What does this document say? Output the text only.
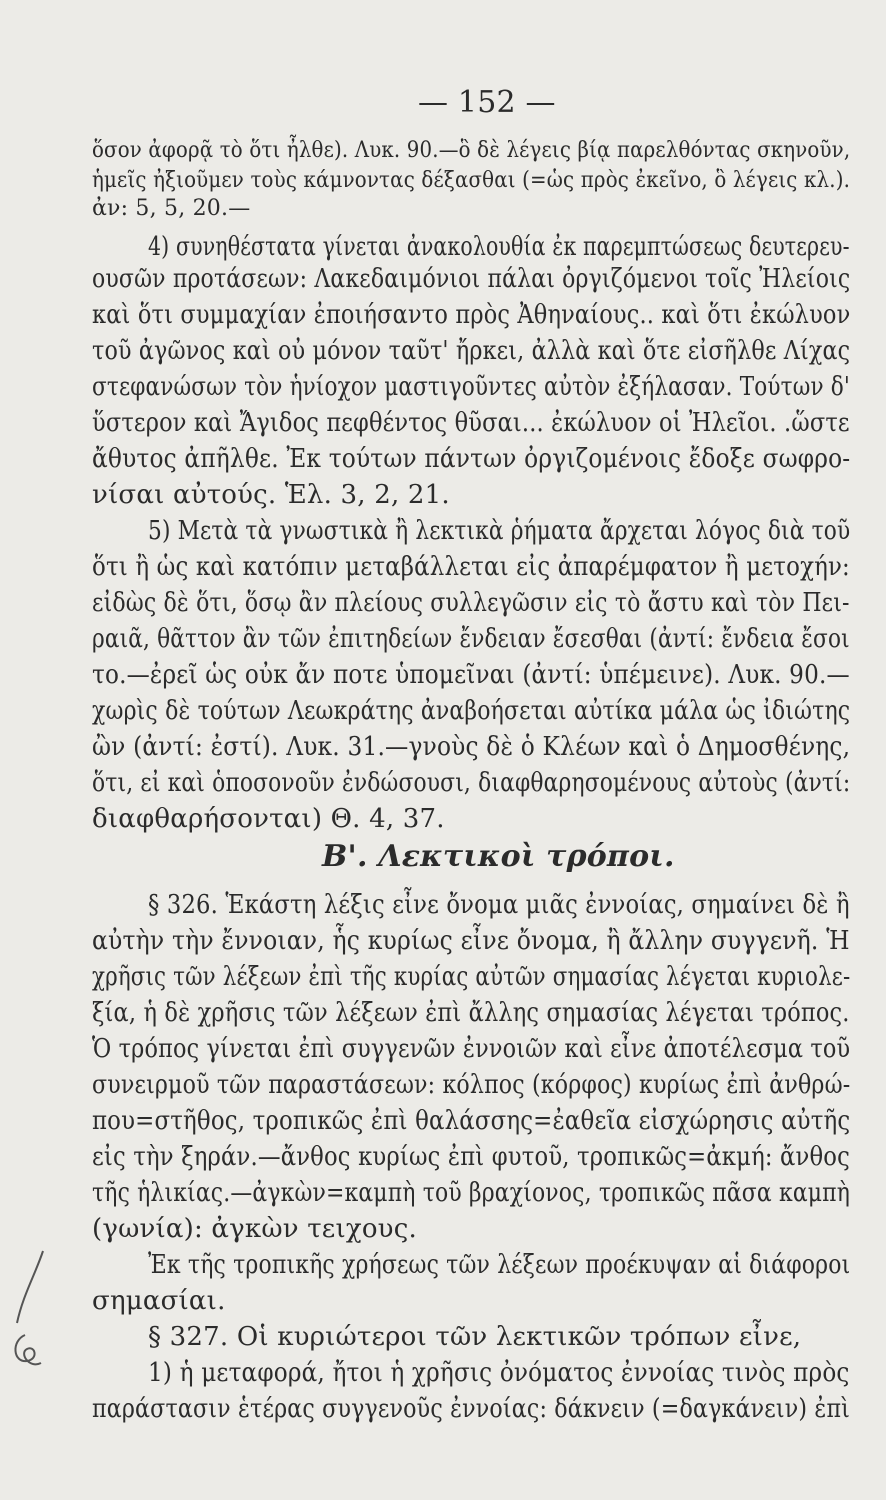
— 152 —
ὅσον ἀφορᾷ τὸ ὅτι ἦλθε). Λυκ. 90.—ὃ δὲ λέγεις βίᾳ παρελθόντας σκηνοῦν,
ἡμεῖς ἠξιοῦμεν τοὺς κάμνοντας δέξασθαι (=ὡς πρὸς ἐκεῖνο, ὃ λέγεις κλ.).
ἀν: 5, 5, 20.—
4) συνηθέστατα γίνεται ἀνακολουθία ἐκ παρεμπτώσεως δευτερευ-
ουσῶν προτάσεων: Λακεδαιμόνιοι πάλαι ὀργιζόμενοι τοῖς Ἠλείοις
καὶ ὅτι συμμαχίαν ἐποιήσαντο πρὸς Ἀθηναίους.. καὶ ὅτι ἐκώλυον
τοῦ ἀγῶνος καὶ οὐ μόνον ταῦτ' ἤρκει, ἀλλὰ καὶ ὅτε εἰσῆλθε Λίχας
στεφανώσων τὸν ἡνίοχον μαστιγοῦντες αὐτὸν ἐξήλασαν. Τούτων δ'
ὕστερον καὶ Ἄγιδος πεφθέντος θῦσαι... ἐκώλυον οἱ Ἠλεῖοι. .ὥστε
ἄθυτος ἀπῆλθε. Ἐκ τούτων πάντων ὀργιζομένοις ἔδοξε σωφρο-
νίσαι αὐτούς. Ἑλ. 3, 2, 21.
5) Μετὰ τὰ γνωστικὰ ἢ λεκτικὰ ῥήματα ἄρχεται λόγος διὰ τοῦ
ὅτι ἢ ὡς καὶ κατόπιν μεταβάλλεται εἰς ἀπαρέμφατον ἢ μετοχήν:
εἰδὼς δὲ ὅτι, ὅσῳ ἂν πλείους συλλεγῶσιν εἰς τὸ ἄστυ καὶ τὸν Πει-
ραιᾶ, θᾶττον ἂν τῶν ἐπιτηδείων ἔνδειαν ἔσεσθαι (ἀντί: ἔνδεια ἔσοι
το.—ἐρεῖ ὡς οὐκ ἄν ποτε ὑπομεῖναι (ἀντί: ὑπέμεινε). Λυκ. 90.—
χωρὶς δὲ τούτων Λεωκράτης ἀναβοήσεται αὐτίκα μάλα ὡς ἰδιώτης
ὢν (ἀντί: ἐστί). Λυκ. 31.—γνοὺς δὲ ὁ Κλέων καὶ ὁ Δημοσθένης,
ὅτι, εἰ καὶ ὁποσονοῦν ἐνδώσουσι, διαφθαρησομένους αὐτοὺς (ἀντί:
διαφθαρήσονται) Θ. 4, 37.
Β'. Λεκτικοὶ τρόποι.
§ 326. Ἑκάστη λέξις εἶνε ὄνομα μιᾶς ἐννοίας, σημαίνει δὲ ἢ
αὐτὴν τὴν ἔννοιαν, ἧς κυρίως εἶνε ὄνομα, ἢ ἄλλην συγγενῆ. Ἡ
χρῆσις τῶν λέξεων ἐπὶ τῆς κυρίας αὐτῶν σημασίας λέγεται κυριολε-
ξία, ἡ δὲ χρῆσις τῶν λέξεων ἐπὶ ἄλλης σημασίας λέγεται τρόπος.
Ὁ τρόπος γίνεται ἐπὶ συγγενῶν ἐννοιῶν καὶ εἶνε ἀποτέλεσμα τοῦ
συνειρμοῦ τῶν παραστάσεων: κόλπος (κόρφος) κυρίως ἐπὶ ἀνθρώ-
που=στῆθος, τροπικῶς ἐπὶ θαλάσσης=ἐαθεῖα εἰσχώρησις αὐτῆς
εἰς τὴν ξηράν.—ἄνθος κυρίως ἐπὶ φυτοῦ, τροπικῶς=ἀκμή: ἄνθος
τῆς ἡλικίας.—ἀγκὼν=καμπὴ τοῦ βραχίονος, τροπικῶς πᾶσα καμπὴ
(γωνία): ἀγκὼν τειχους.
Ἐκ τῆς τροπικῆς χρήσεως τῶν λέξεων προέκυψαν αἱ διάφοροι
σημασίαι.
§ 327. Οἱ κυριώτεροι τῶν λεκτικῶν τρόπων εἶνε,
1) ἡ μεταφορά, ἤτοι ἡ χρῆσις ὀνόματος ἐννοίας τινὸς πρὸς
παράστασιν ἑτέρας συγγενοῦς ἐννοίας: δάκνειν (=δαγκάνειν) ἐπὶ
